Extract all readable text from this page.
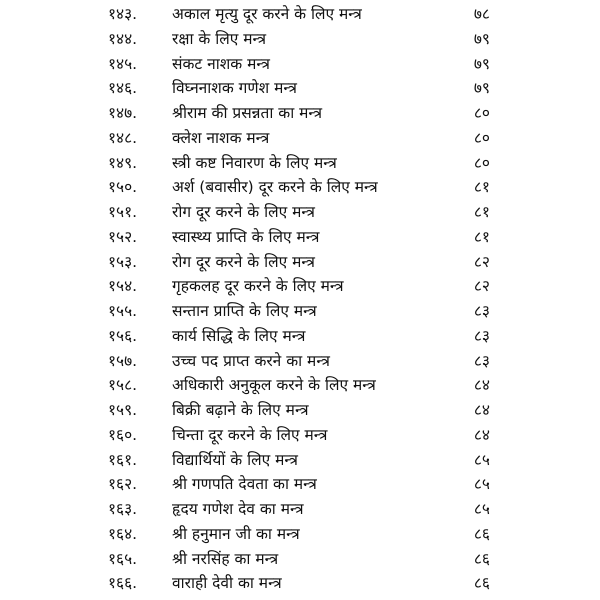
१४३. अकाल मृत्यु दूर करने के लिए मन्त्र	७८
१४४. रक्षा के लिए मन्त्र	७९
१४५. संकट नाशक मन्त्र	७९
१४६. विघ्ननाशक गणेश मन्त्र	७९
१४७. श्रीराम की प्रसन्नता का मन्त्र	८०
१४८. क्लेश नाशक मन्त्र	८०
१४९. स्त्री कष्ट निवारण के लिए मन्त्र	८०
१५०. अर्श (बवासीर) दूर करने के लिए मन्त्र	८१
१५१. रोग दूर करने के लिए मन्त्र	८१
१५२. स्वास्थ्य प्राप्ति के लिए मन्त्र	८१
१५३. रोग दूर करने के लिए मन्त्र	८२
१५४. गृहकलह दूर करने के लिए मन्त्र	८२
१५५. सन्तान प्राप्ति के लिए मन्त्र	८३
१५६. कार्य सिद्धि के लिए मन्त्र	८३
१५७. उच्च पद प्राप्त करने का मन्त्र	८३
१५८. अधिकारी अनुकूल करने के लिए मन्त्र	८४
१५९. बिक्री बढ़ाने के लिए मन्त्र	८४
१६०. चिन्ता दूर करने के लिए मन्त्र	८४
१६१. विद्यार्थियों के लिए मन्त्र	८५
१६२. श्री गणपति देवता का मन्त्र	८५
१६३. हृदय गणेश देव का मन्त्र	८५
१६४. श्री हनुमान जी का मन्त्र	८६
१६५. श्री नरसिंह का मन्त्र	८६
१६६. वाराही देवी का मन्त्र	८६
